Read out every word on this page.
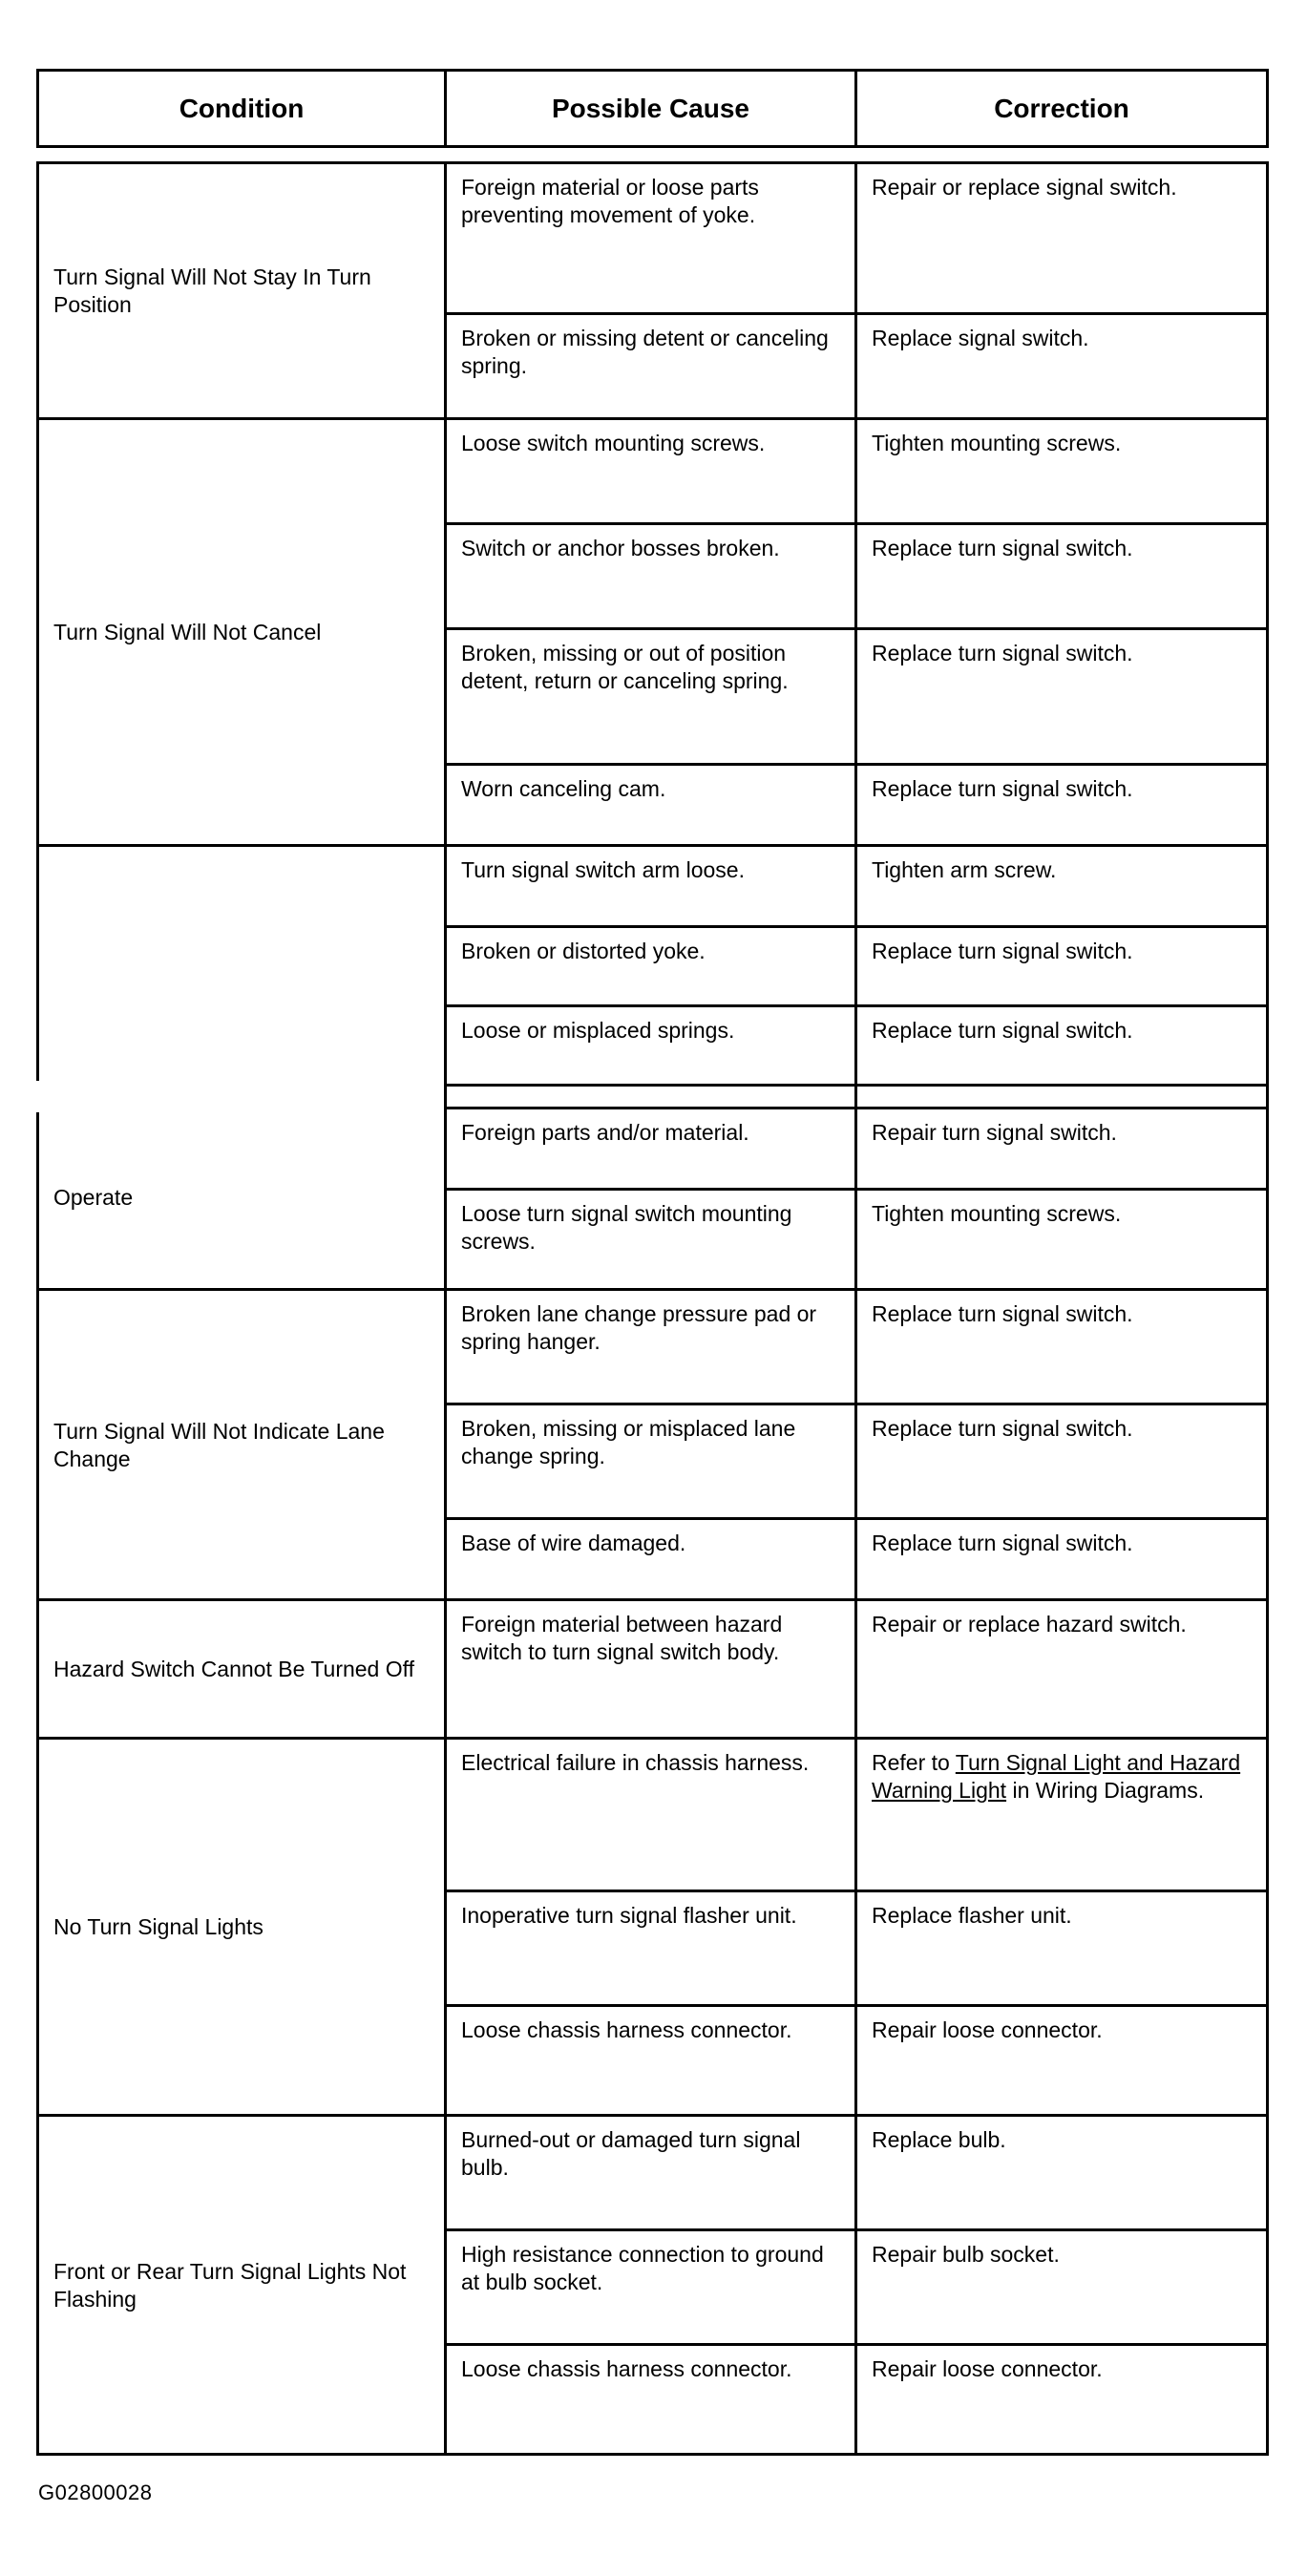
Condition	Possible Cause	Correction
Turn Signal Will Not Stay In Turn Position	Foreign material or loose parts preventing movement of yoke.	Repair or replace signal switch.
	Broken or missing detent or canceling spring.	Replace signal switch.
Turn Signal Will Not Cancel	Loose switch mounting screws.	Tighten mounting screws.
	Switch or anchor bosses broken.	Replace turn signal switch.
	Broken, missing or out of position detent, return or canceling spring.	Replace turn signal switch.
	Worn canceling cam.	Replace turn signal switch.
Operate	Turn signal switch arm loose.	Tighten arm screw.
	Broken or distorted yoke.	Replace turn signal switch.
	Loose or misplaced springs.	Replace turn signal switch.

	Foreign parts and/or material.	Repair turn signal switch.
	Loose turn signal switch mounting screws.	Tighten mounting screws.
Turn Signal Will Not Indicate Lane Change	Broken lane change pressure pad or spring hanger.	Replace turn signal switch.
	Broken, missing or misplaced lane change spring.	Replace turn signal switch.
	Base of wire damaged.	Replace turn signal switch.
Hazard Switch Cannot Be Turned Off	Foreign material between hazard switch to turn signal switch body.	Repair or replace hazard switch.
No Turn Signal Lights	Electrical failure in chassis harness.	Refer to Turn Signal Light and Hazard Warning Light in Wiring Diagrams.
	Inoperative turn signal flasher unit.	Replace flasher unit.
	Loose chassis harness connector.	Repair loose connector.
Front or Rear Turn Signal Lights Not Flashing	Burned-out or damaged turn signal bulb.	Replace bulb.
	High resistance connection to ground at bulb socket.	Repair bulb socket.
	Loose chassis harness connector.	Repair loose connector.
G02800028
